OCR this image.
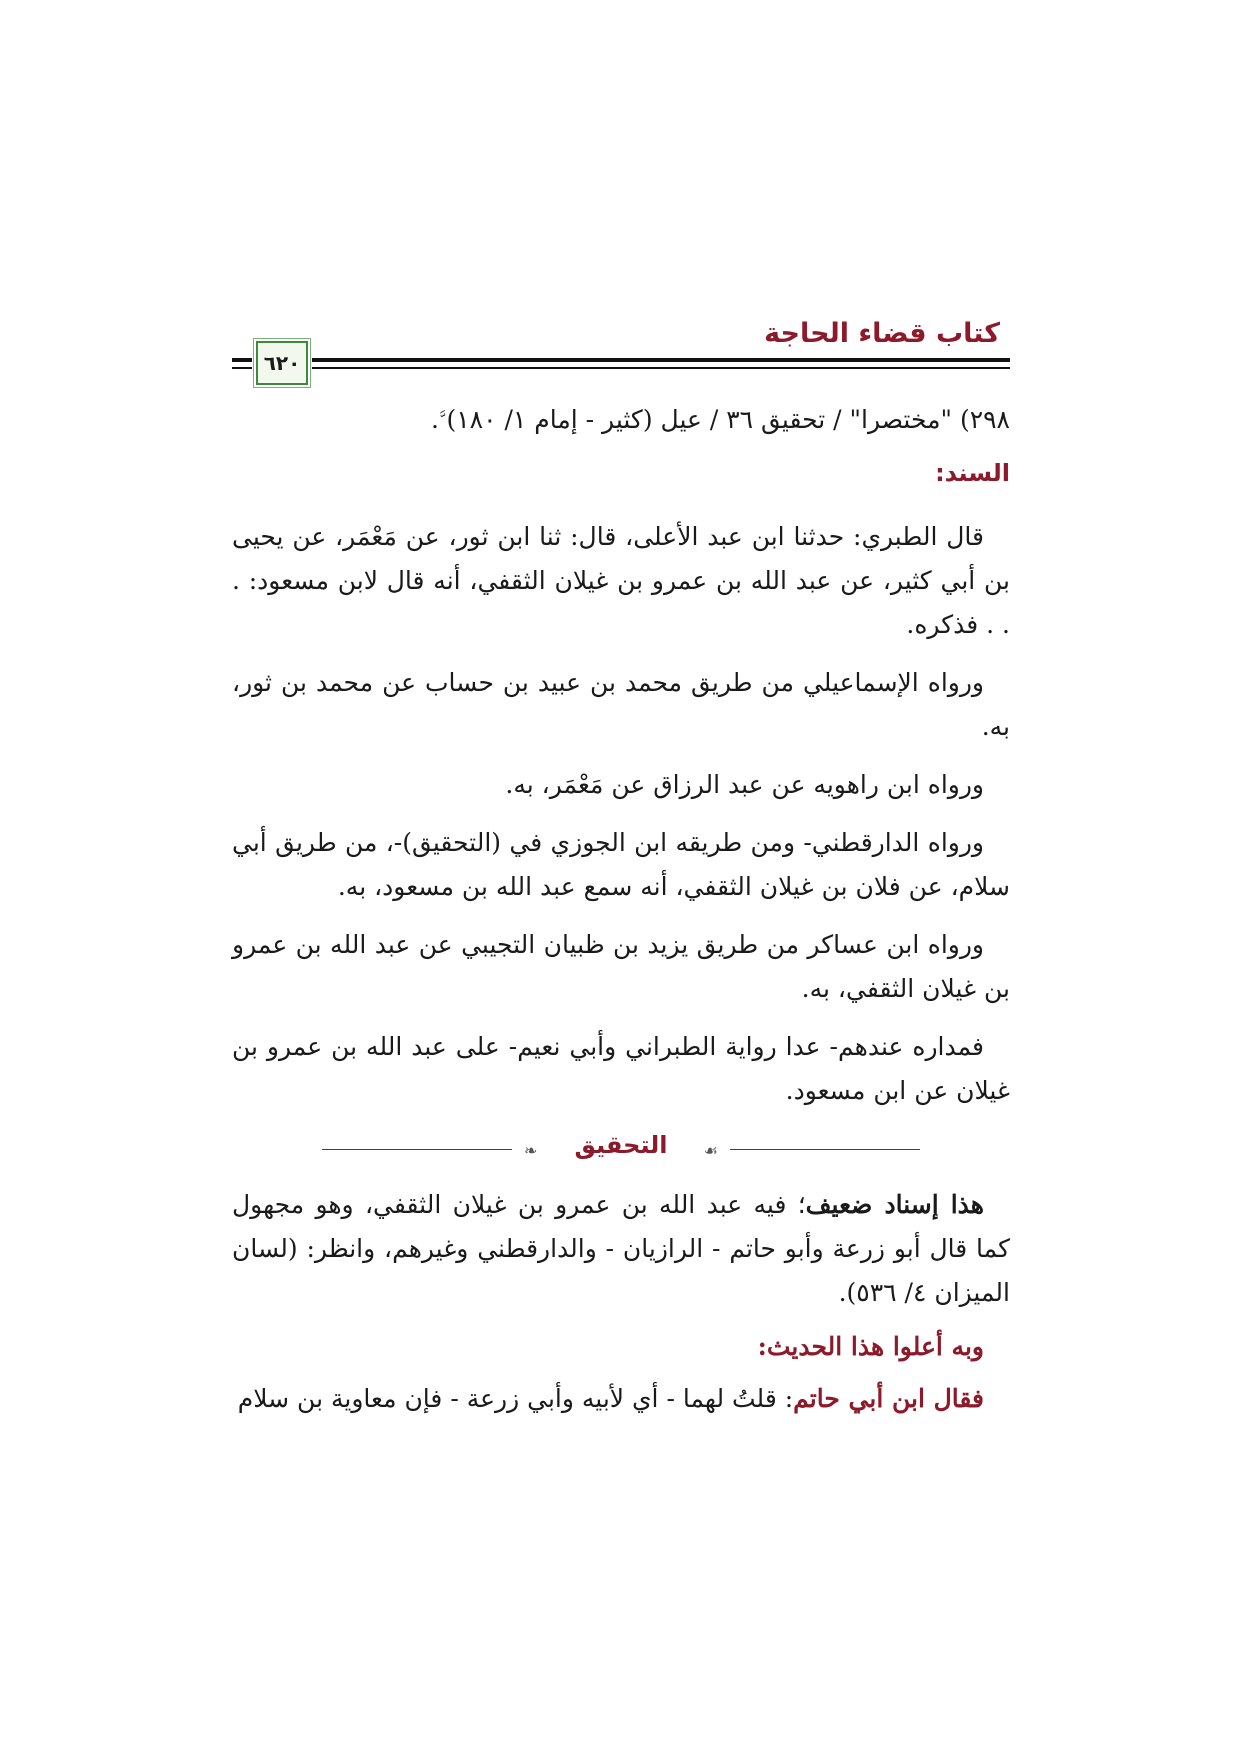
كتاب قضاء الحاجة
٦٢٠

٢٩٨) "مختصرا" / تحقيق ٣٦ / عيل (كثير - إمام ١/ ١٨٠)ﱠ.

السند:

قال الطبري: حدثنا ابن عبد الأعلى، قال: ثنا ابن ثور، عن مَعْمَر، عن يحيى بن أبي كثير، عن عبد الله بن عمرو بن غيلان الثقفي، أنه قال لابن مسعود: . . . فذكره.

ورواه الإسماعيلي من طريق محمد بن عبيد بن حساب عن محمد بن ثور، به.

ورواه ابن راهويه عن عبد الرزاق عن مَعْمَر، به.

ورواه الدارقطني- ومن طريقه ابن الجوزي في (التحقيق)-، من طريق أبي سلام، عن فلان بن غيلان الثقفي، أنه سمع عبد الله بن مسعود، به.

ورواه ابن عساكر من طريق يزيد بن ظبيان التجيبي عن عبد الله بن عمرو بن غيلان الثقفي، به.

فمداره عندهم- عدا رواية الطبراني وأبي نعيم- على عبد الله بن عمرو بن غيلان عن ابن مسعود.

❧	☙
التحقيق

هذا إسناد ضعيف؛ فيه عبد الله بن عمرو بن غيلان الثقفي، وهو مجهول كما قال أبو زرعة وأبو حاتم - الرازيان - والدارقطني وغيرهم، وانظر: (لسان الميزان ٤/ ٥٣٦).

وبه أعلوا هذا الحديث:

فقال ابن أبي حاتم: قلتُ لهما - أي لأبيه وأبي زرعة - فإن معاوية بن سلام
